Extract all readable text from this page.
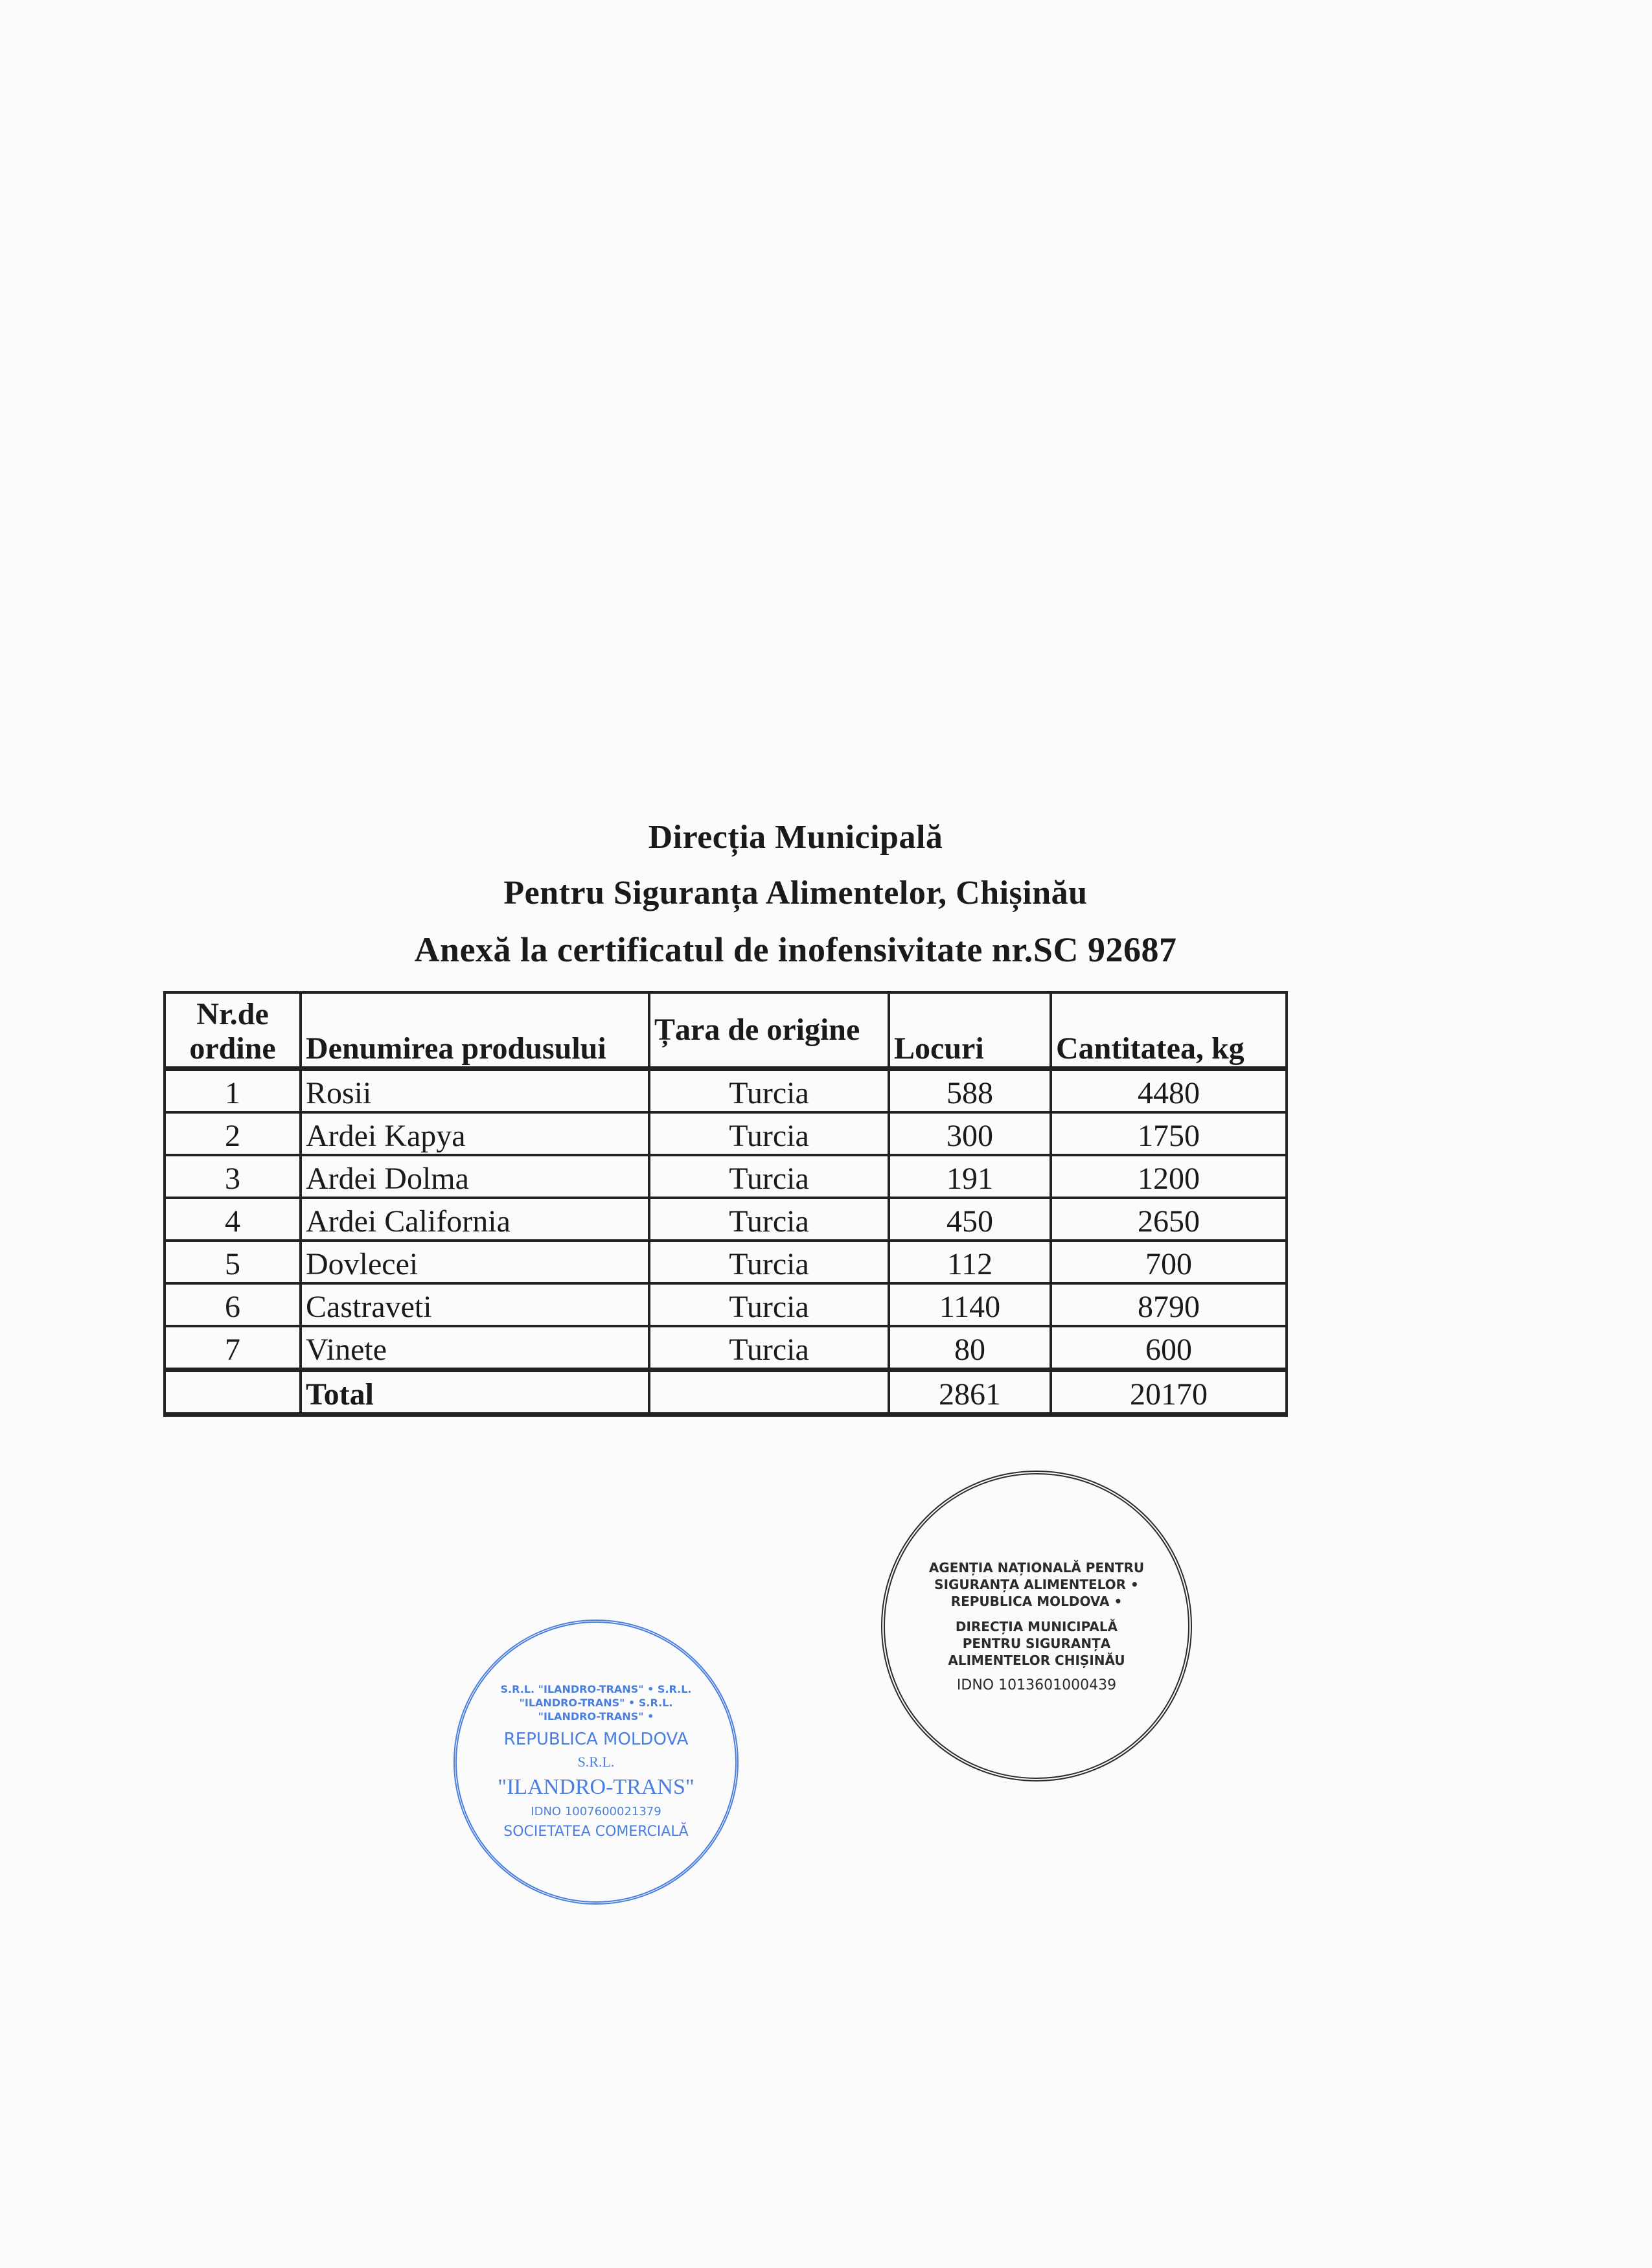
Direcția Municipală
Pentru Siguranța Alimentelor, Chișinău
Anexă la certificatul de inofensivitate nr.SC 92687
Nr.de ordine	Denumirea produsului	Țara de origine	Locuri	Cantitatea, kg
1	Rosii	Turcia	588	4480
2	Ardei Kapya	Turcia	300	1750
3	Ardei Dolma	Turcia	191	1200
4	Ardei California	Turcia	450	2650
5	Dovlecei	Turcia	112	700
6	Castraveti	Turcia	1140	8790
7	Vinete	Turcia	80	600
	Total		2861	20170
AGENȚIA NAȚIONALĂ PENTRU SIGURANȚA ALIMENTELOR • REPUBLICA MOLDOVA •
DIRECȚIA MUNICIPALĂ PENTRU SIGURANȚA ALIMENTELOR CHIȘINĂU
IDNO 1013601000439
S.R.L. "ILANDRO-TRANS" • S.R.L. "ILANDRO-TRANS" • S.R.L. "ILANDRO-TRANS" •
REPUBLICA MOLDOVA
S.R.L.
"ILANDRO-TRANS"
IDNO 1007600021379
SOCIETATEA COMERCIALĂ
